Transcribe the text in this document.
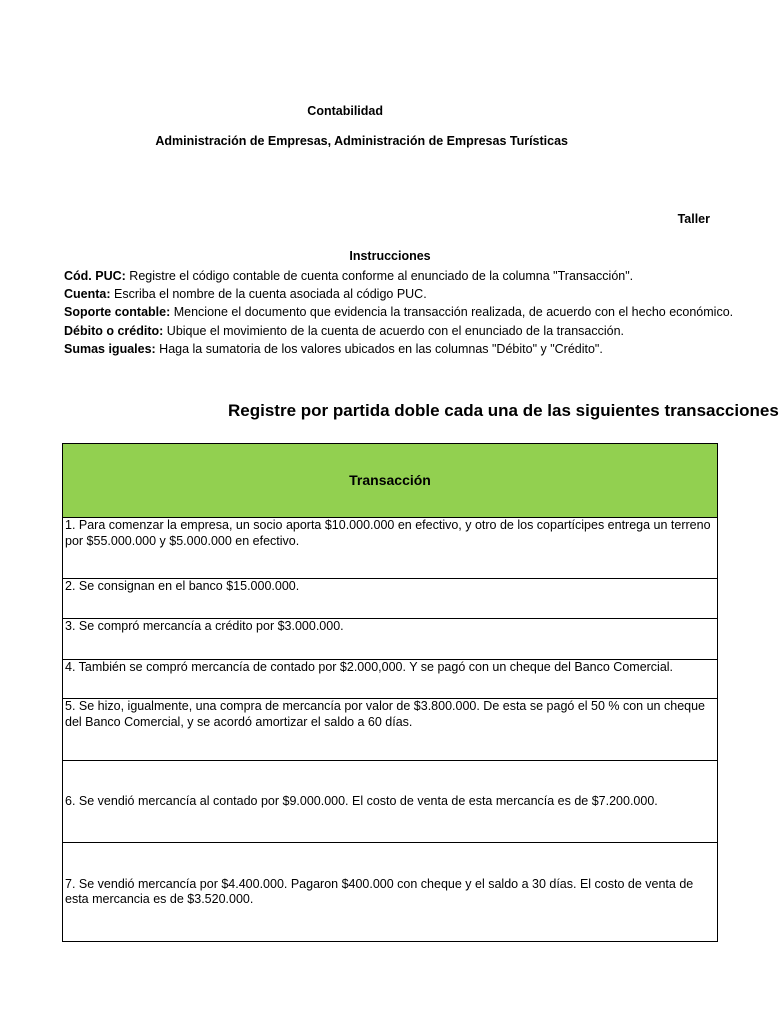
Contabilidad
Administración de Empresas, Administración de Empresas Turísticas
Taller
Instrucciones
Cód. PUC: Registre el código contable de cuenta conforme al enunciado de la columna "Transacción".
Cuenta: Escriba el nombre de la cuenta asociada al código PUC.
Soporte contable: Mencione el documento que evidencia la transacción realizada, de acuerdo con el hecho económico.
Débito o crédito: Ubique el movimiento de la cuenta de acuerdo con el enunciado de la transacción.
Sumas iguales: Haga la sumatoria de los valores ubicados en las columnas "Débito" y "Crédito".
Registre por partida doble cada una de las siguientes transacciones
Transacción
1. Para comenzar la empresa, un socio aporta $10.000.000 en efectivo, y otro de los copartícipes entrega un terreno por $55.000.000 y $5.000.000 en efectivo.
2. Se consignan en el banco $15.000.000.
3. Se compró mercancía a crédito por $3.000.000.
4. También se compró mercancía de contado por $2.000,000. Y se pagó con un cheque del Banco Comercial.
5. Se hizo, igualmente, una compra de mercancía por valor de $3.800.000. De esta se pagó el 50 % con un cheque del Banco Comercial, y se acordó amortizar el saldo a 60 días.
6. Se vendió mercancía al contado por $9.000.000. El costo de venta de esta mercancía es de $7.200.000.
7. Se vendió mercancía por $4.400.000. Pagaron $400.000 con cheque y el saldo a 30 días. El costo de venta de esta mercancia es de $3.520.000.
